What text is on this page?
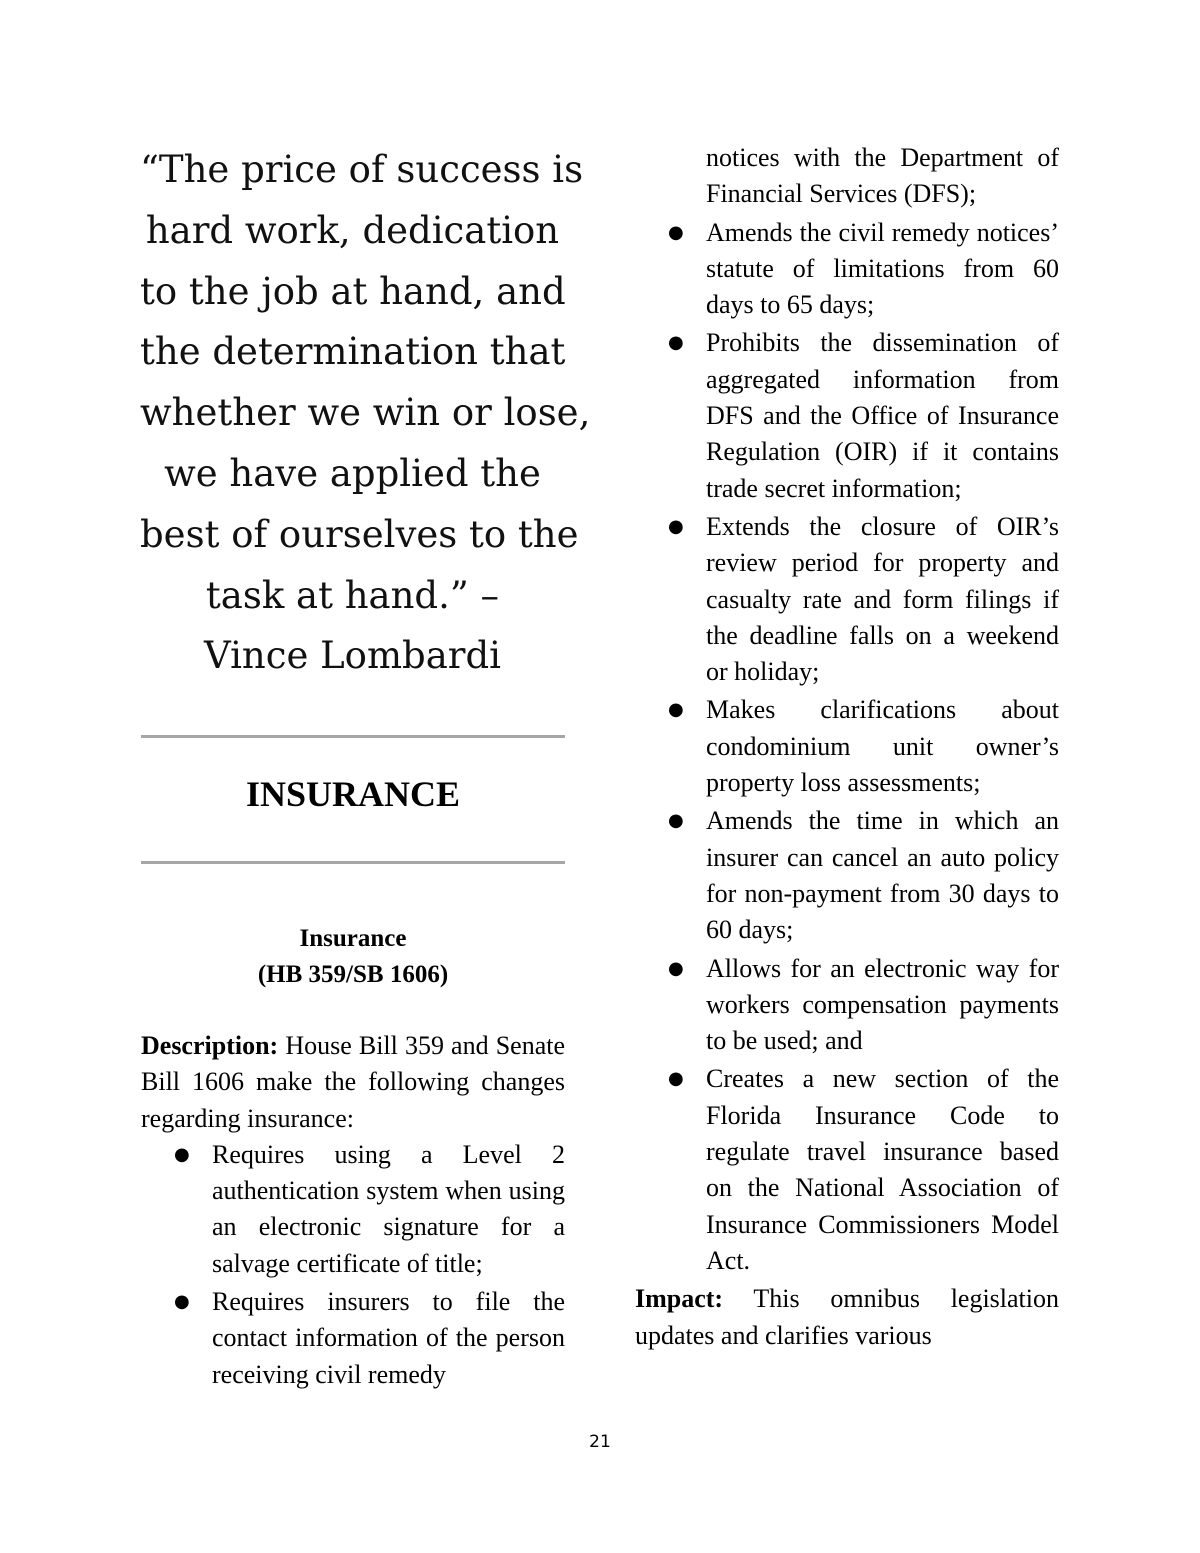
“The price of success is
hard work, dedication
to the job at hand, and
the determination that
whether we win or lose,
we have applied the
best of ourselves to the
task at hand.” –
Vince Lombardi
INSURANCE
Insurance
(HB 359/SB 1606)

Description: House Bill 359 and Senate Bill 1606 make the following changes regarding insurance:

● Requires using a Level 2 authentication system when using an electronic signature for a salvage certificate of title;
● Requires insurers to file the contact information of the person receiving civil remedy
notices with the Department of Financial Services (DFS);
● Amends the civil remedy notices’ statute of limitations from 60 days to 65 days;
● Prohibits the dissemination of aggregated information from DFS and the Office of Insurance Regulation (OIR) if it contains trade secret information;
● Extends the closure of OIR’s review period for property and casualty rate and form filings if the deadline falls on a weekend or holiday;
● Makes clarifications about condominium unit owner’s property loss assessments;
● Amends the time in which an insurer can cancel an auto policy for non-payment from 30 days to 60 days;
● Allows for an electronic way for workers compensation payments to be used; and
● Creates a new section of the Florida Insurance Code to regulate travel insurance based on the National Association of Insurance Commissioners Model Act.

Impact: This omnibus legislation updates and clarifies various

21
